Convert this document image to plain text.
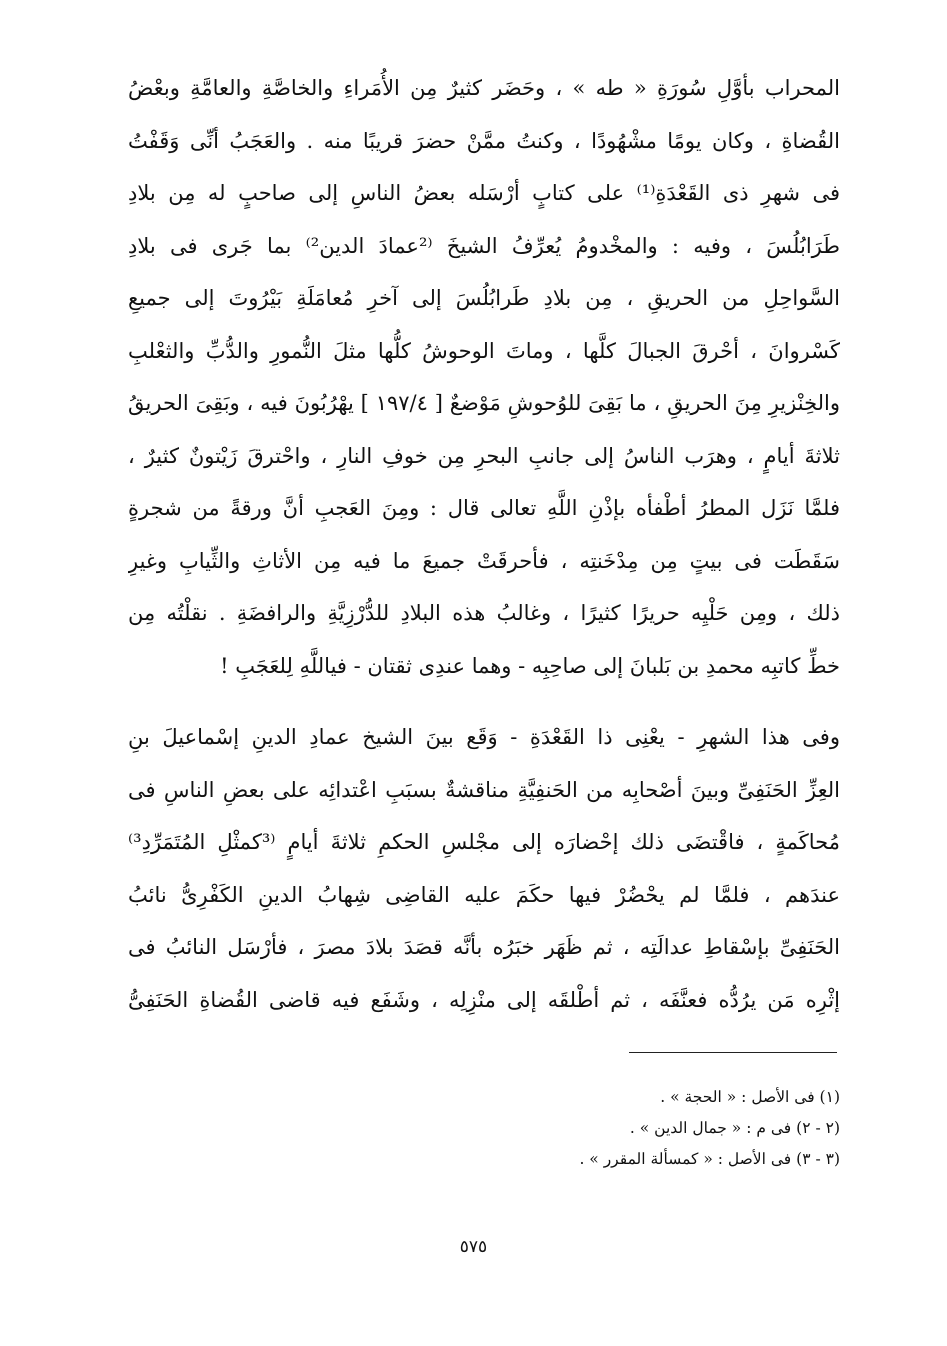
المحراب بأوَّلِ سُورَةِ « طه » ، وحَضَر كثيرٌ مِن الأُمَراءِ والخاصَّةِ والعامَّةِ وبعْضُ
القُضاةِ ، وكان يومًا مشْهُودًا ، وكنتُ ممَّنْ حضرَ قريبًا منه . والعَجَبُ أنِّى وَقَفْتُ
فى شهرِ ذى القَعْدَةِ⁽¹⁾ على كتابٍ أرْسَله بعضُ الناسِ إلى صاحبٍ له مِن بلادِ
طَرَابُلُسَ ، وفيه : والمخْدومُ يُعرِّفُ الشيخَ ⁽²عمادَ الدين²⁾ بما جَرى فى بلادِ
السَّواحِلِ من الحريقِ ، مِن بلادِ طَرابُلُسَ إلى آخرِ مُعامَلَةِ بَيْرُوتَ إلى جميعِ
كَسْروانَ ، أحْرقَ الجبالَ كلَّها ، وماتَ الوحوشُ كلُّها مثلَ النُّمورِ والدُّبِّ والثعْلبِ
والخِنْزيرِ مِنَ الحريقِ ، ما بَقِىَ للوُحوشِ مَوْضعٌ [ ١٩٧/٤ ] يهْرُبُونَ فيه ، وبَقِىَ الحريقُ
ثلاثةَ أيامٍ ، وهرَب الناسُ إلى جانبِ البحرِ مِن خوفِ النارِ ، واحْترقَ زَيْتونٌ كثيرٌ ،
فلمَّا نَزَل المطرُ أطْفأه بإذْنِ اللَّهِ تعالى قال : ومِنَ العَجبِ أنَّ ورقةً من شجرةٍ
سَقَطَت فى بيتٍ مِن مِدْخَنتِه ، فأحرقَتْ جميعَ ما فيه مِن الأثاثِ والثِّيابِ وغيرِ
ذلك ، ومِن حَلْيِه حريرًا كثيرًا ، وغالبُ هذه البلادِ للدُّرْزِيَّةِ والرافضَةِ . نقلْتُه مِن
خطِّ كاتبِه محمدِ بن بَلبانَ إلى صاحِبِه - وهما عندِى ثقتان - فياللَّهِ لِلعَجَبِ !
وفى هذا الشهرِ - يعْنِى ذا القَعْدَةِ - وَقَع بينَ الشيخ عمادِ الدينِ إسْماعيلَ بنِ
العِزِّ الحَنَفِىِّ وبينَ أصْحابِه من الحَنفِيَّةِ مناقشةٌ بسبَبِ اعْتدائِه على بعضِ الناسِ فى
مُحاكَمةٍ ، فاقْتضَى ذلك إحْضارَه إلى مجْلسِ الحكمِ ثلاثةَ أيامٍ ⁽³كمثْلِ المُتَمَرِّدِ³⁾
عندَهم ، فلمَّا لم يحْضُرْ فيها حكَمَ عليه القاضِى شِهابُ الدينِ الكَفْرِىُّ نائبُ
الحَنَفِىِّ بإسْقاطِ عدالَتِه ، ثم ظَهَر خبَرُه بأنَّه قصَدَ بلادَ مصرَ ، فأرْسَل النائبُ فى
إثْرِه مَن يرُدُّه فعنَّفَه ، ثم أطْلقَه إلى منْزِلِه ، وشَفَع فيه قاضى القُضاةِ الحَنَفِىُّ
(١) فى الأصل : « الحجة » .
(٢ - ٢) فى م : « جمال الدين » .
(٣ - ٣) فى الأصل : « كمسألة المقرر » .
٥٧٥
